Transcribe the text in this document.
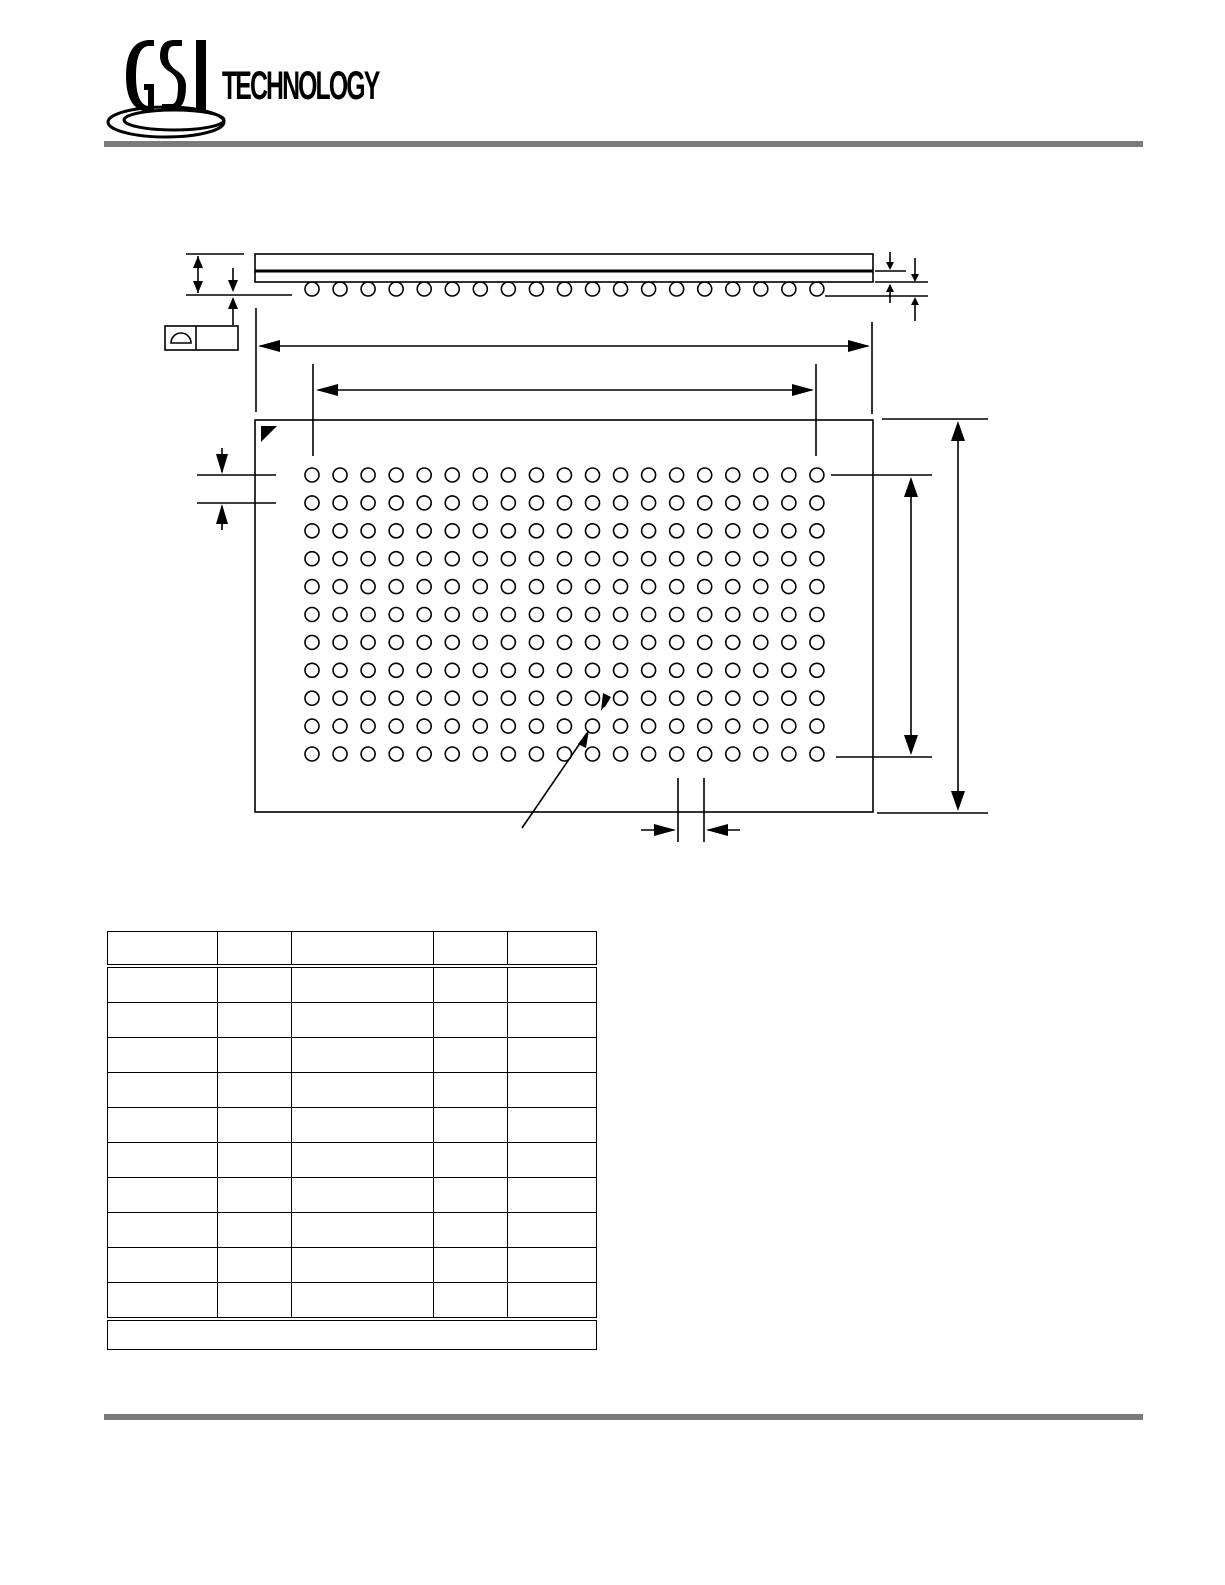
TECHNOLOGY
